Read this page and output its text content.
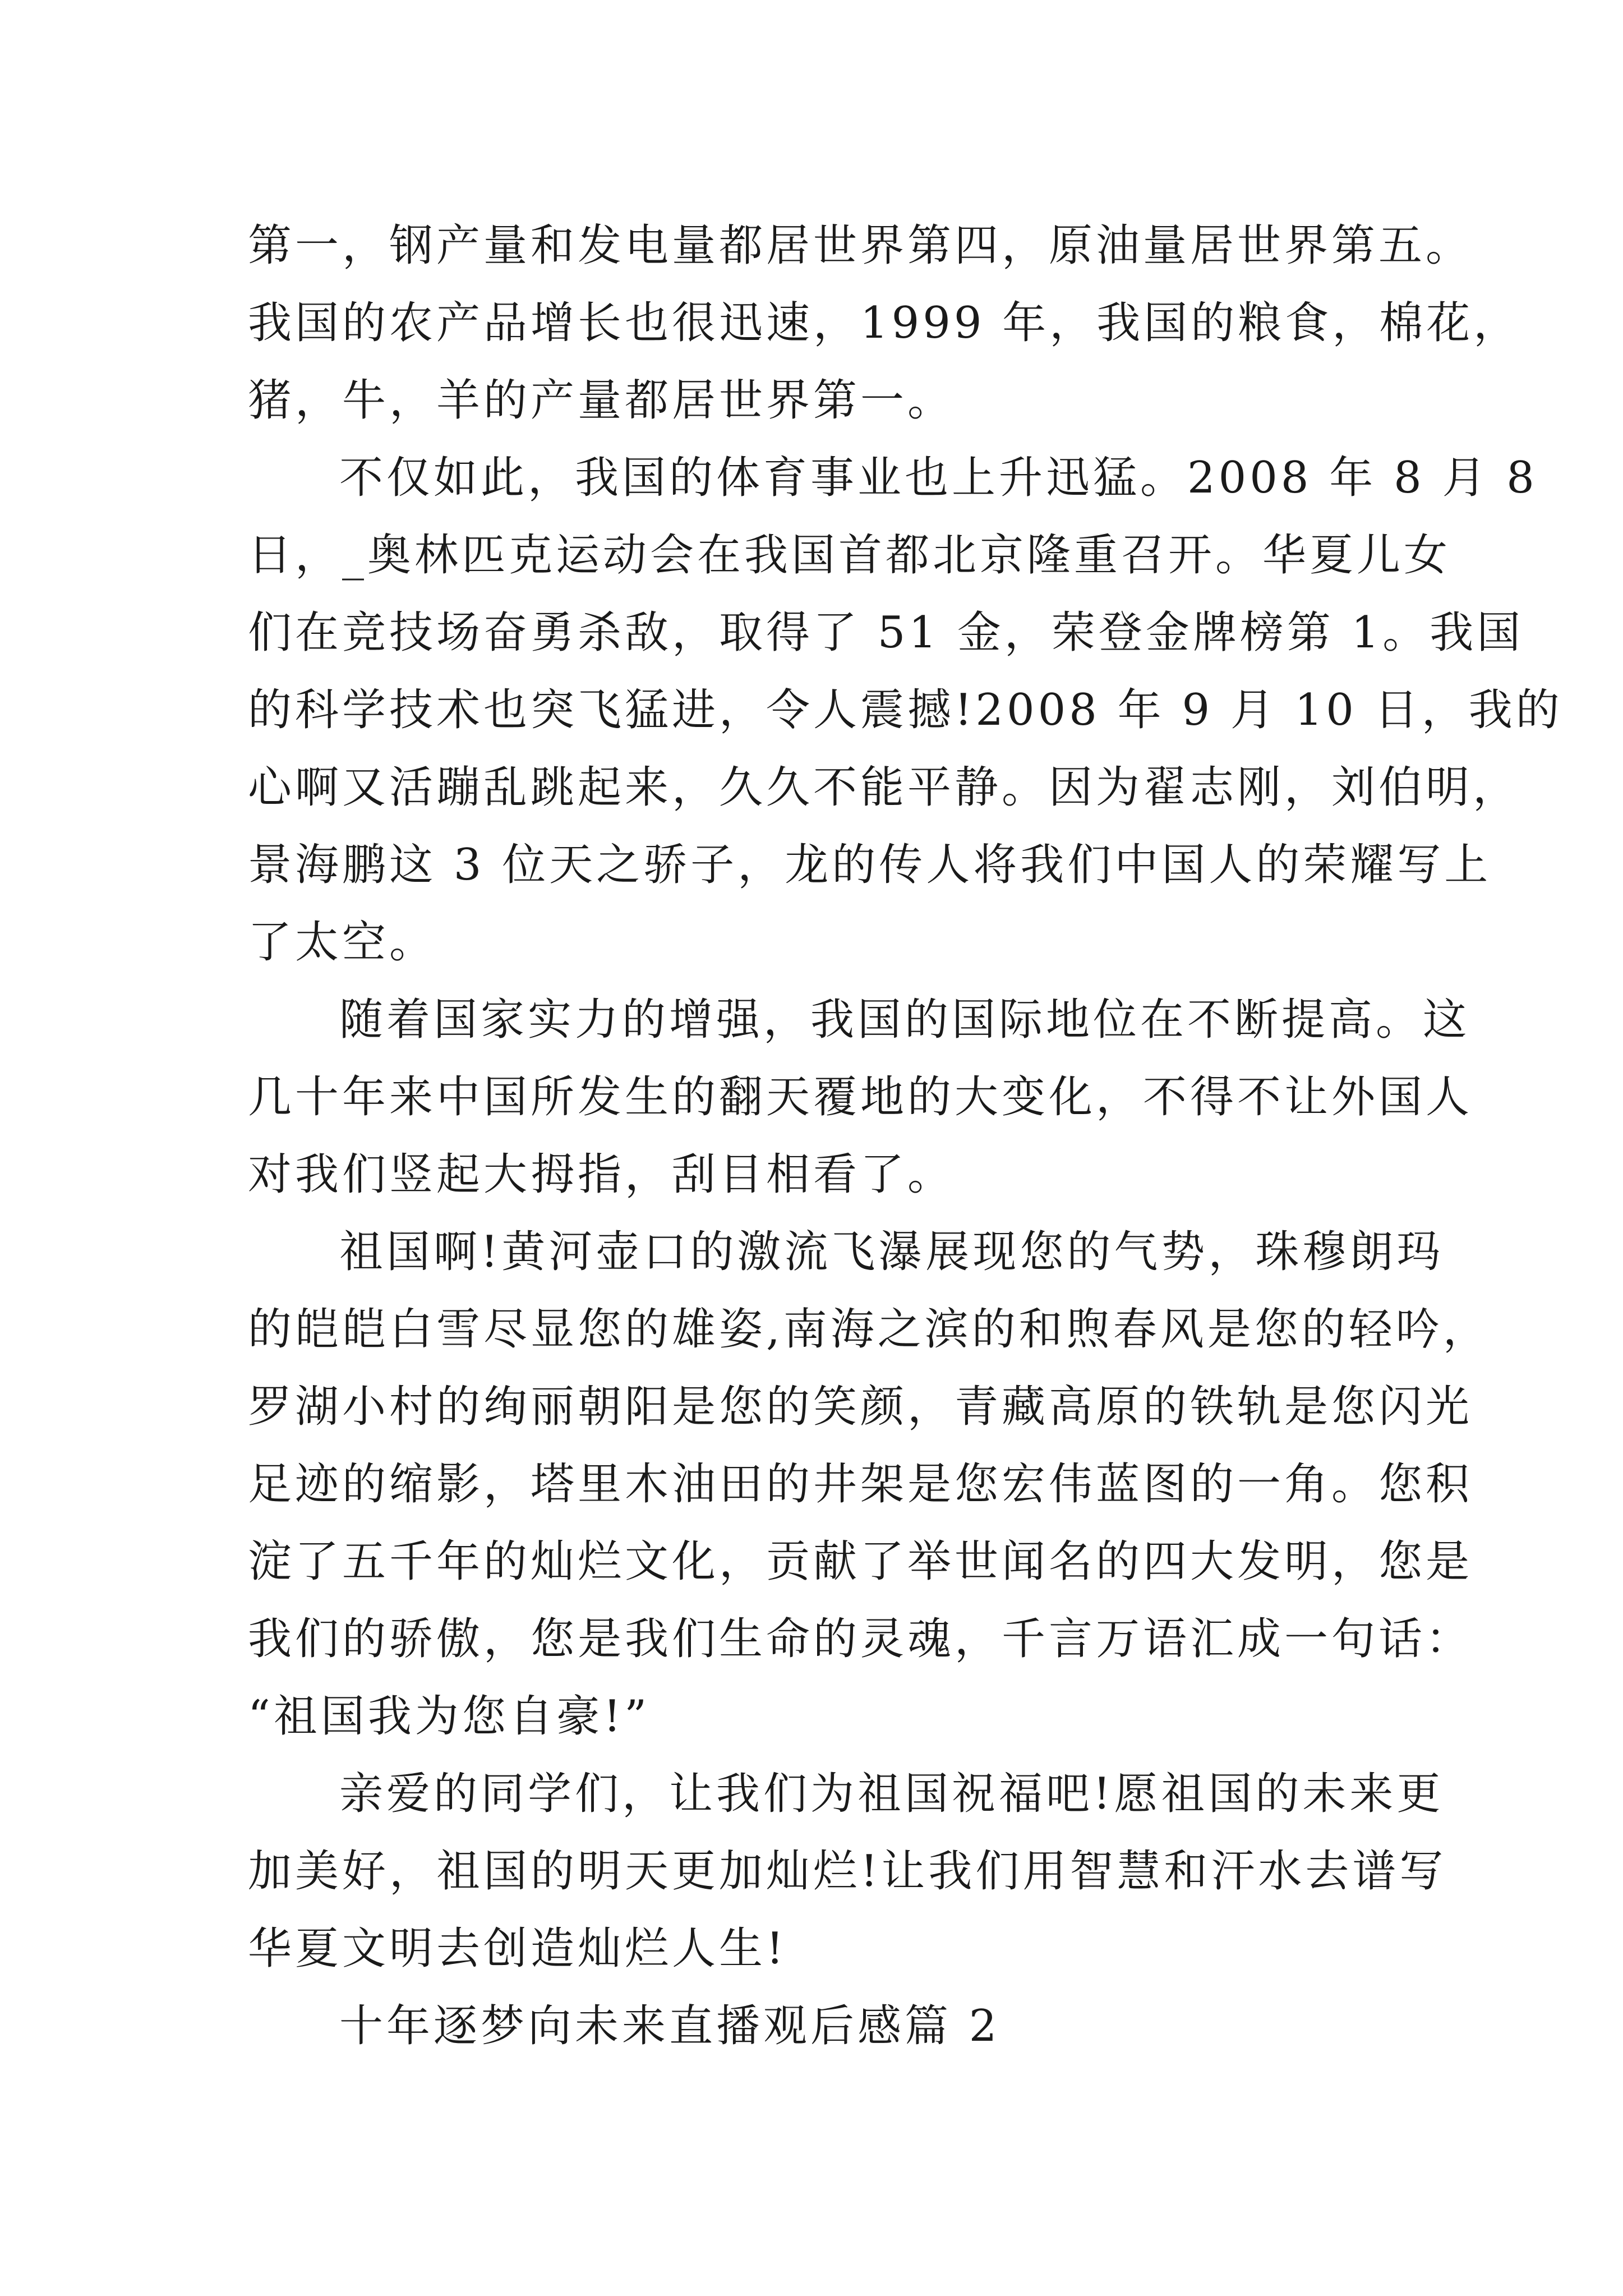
第一，钢产量和发电量都居世界第四，原油量居世界第五。
我国的农产品增长也很迅速，1999 年，我国的粮食，棉花，
猪，牛，羊的产量都居世界第一。
不仅如此，我国的体育事业也上升迅猛。2008 年 8 月 8
日，_奥林匹克运动会在我国首都北京隆重召开。华夏儿女
们在竞技场奋勇杀敌，取得了 51 金，荣登金牌榜第 1。我国
的科学技术也突飞猛进，令人震撼!2008 年 9 月 10 日，我的
心啊又活蹦乱跳起来，久久不能平静。因为翟志刚，刘伯明，
景海鹏这 3 位天之骄子，龙的传人将我们中国人的荣耀写上
了太空。
随着国家实力的增强，我国的国际地位在不断提高。这
几十年来中国所发生的翻天覆地的大变化，不得不让外国人
对我们竖起大拇指，刮目相看了。
祖国啊!黄河壶口的激流飞瀑展现您的气势，珠穆朗玛
的皑皑白雪尽显您的雄姿,南海之滨的和煦春风是您的轻吟，
罗湖小村的绚丽朝阳是您的笑颜，青藏高原的铁轨是您闪光
足迹的缩影，塔里木油田的井架是您宏伟蓝图的一角。您积
淀了五千年的灿烂文化，贡献了举世闻名的四大发明，您是
我们的骄傲，您是我们生命的灵魂，千言万语汇成一句话：
“祖国我为您自豪!”
亲爱的同学们，让我们为祖国祝福吧!愿祖国的未来更
加美好，祖国的明天更加灿烂!让我们用智慧和汗水去谱写
华夏文明去创造灿烂人生!
十年逐梦向未来直播观后感篇 2
